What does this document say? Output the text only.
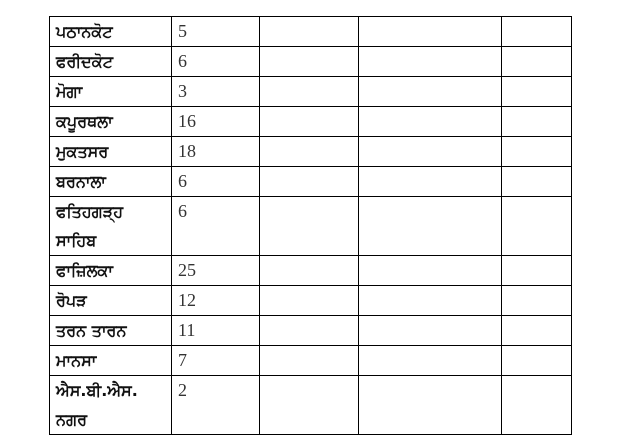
ਪਠਾਨਕੋਟ	5			
ਫਰੀਦਕੋਟ	6			
ਮੋਗਾ	3			
ਕਪੂਰਥਲਾ	16			
ਮੁਕਤਸਰ	18			
ਬਰਨਾਲਾ	6			
ਫਤਿਹਗੜ੍ਹ ਸਾਹਿਬ	6			
ਫਾਜ਼ਿਲਕਾ	25			
ਰੋਪੜ	12			
ਤਰਨ ਤਾਰਨ	11			
ਮਾਨਸਾ	7			
ਐਸ.ਬੀ.ਐਸ. ਨਗਰ	2			
